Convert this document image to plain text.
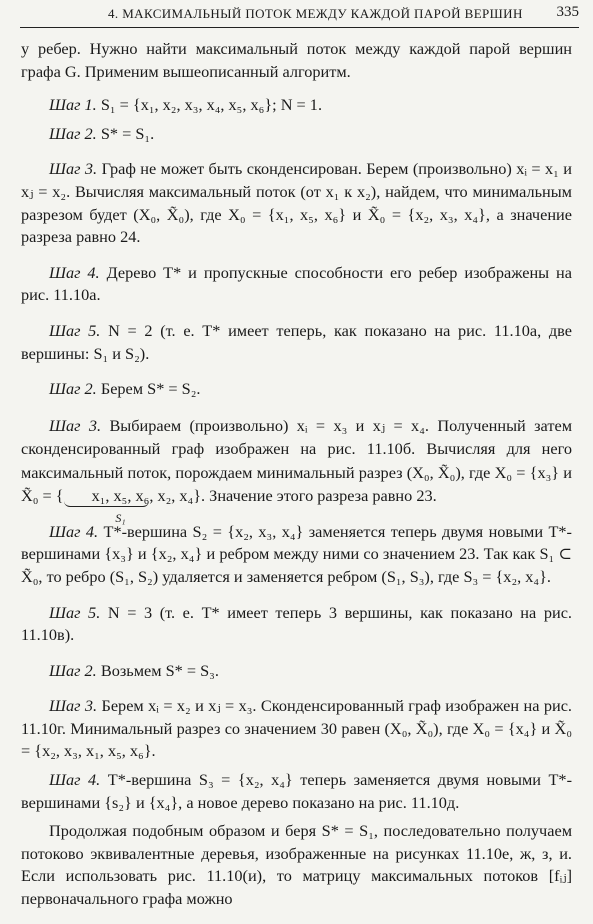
4. МАКСИМАЛЬНЫЙ ПОТОК МЕЖДУ КАЖДОЙ ПАРОЙ ВЕРШИН 335

у ребер. Нужно найти максимальный поток между каждой парой вершин графа G. Применим вышеописанный алгоритм.

Шаг 1. S₁ = {x₁, x₂, x₃, x₄, x₅, x₆}; N = 1.

Шаг 2. S* = S₁.

Шаг 3. Граф не может быть сконденсирован. Берем (произвольно) xᵢ = x₁ и xⱼ = x₂. Вычисляя максимальный поток (от x₁ к x₂), найдем, что минимальным разрезом будет (X₀, X̃₀), где X₀ = {x₁, x₅, x₆} и X̃₀ = {x₂, x₃, x₄}, а значение разреза равно 24.

Шаг 4. Дерево T* и пропускные способности его ребер изображены на рис. 11.10а.

Шаг 5. N = 2 (т. е. T* имеет теперь, как показано на рис. 11.10а, две вершины: S₁ и S₂).

Шаг 2. Берем S* = S₂.

Шаг 3. Выбираем (произвольно) xᵢ = x₃ и xⱼ = x₄. Полученный затем сконденсированный граф изображен на рис. 11.10б. Вычисляя для него максимальный поток, порождаем минимальный разрез (X₀, X̃₀), где X₀ = {x₃} и X̃₀ = { x₁, x₅, x₆
S₁
, x₂, x₄}. Значение этого разреза равно 23.

Шаг 4. T*-вершина S₂ = {x₂, x₃, x₄} заменяется теперь двумя новыми T*-вершинами {x₃} и {x₂, x₄} и ребром между ними со значением 23. Так как S₁ ⊂ X̃₀, то ребро (S₁, S₂) удаляется и заменяется ребром (S₁, S₃), где S₃ = {x₂, x₄}.

Шаг 5. N = 3 (т. е. T* имеет теперь 3 вершины, как показано на рис. 11.10в).

Шаг 2. Возьмем S* = S₃.

Шаг 3. Берем xᵢ = x₂ и xⱼ = x₃. Сконденсированный граф изображен на рис. 11.10г. Минимальный разрез со значением 30 равен (X₀, X̃₀), где X₀ = {x₄} и X̃₀ = {x₂, x₃, x₁, x₅, x₆}.

Шаг 4. T*-вершина S₃ = {x₂, x₄} теперь заменяется двумя новыми T*-вершинами {s₂} и {x₄}, а новое дерево показано на рис. 11.10д.

Продолжая подобным образом и беря S* = S₁, последовательно получаем потоково эквивалентные деревья, изображенные на рисунках 11.10е, ж, з, и. Если использовать рис. 11.10(и), то матрицу максимальных потоков [fᵢⱼ] первоначального графа можно
